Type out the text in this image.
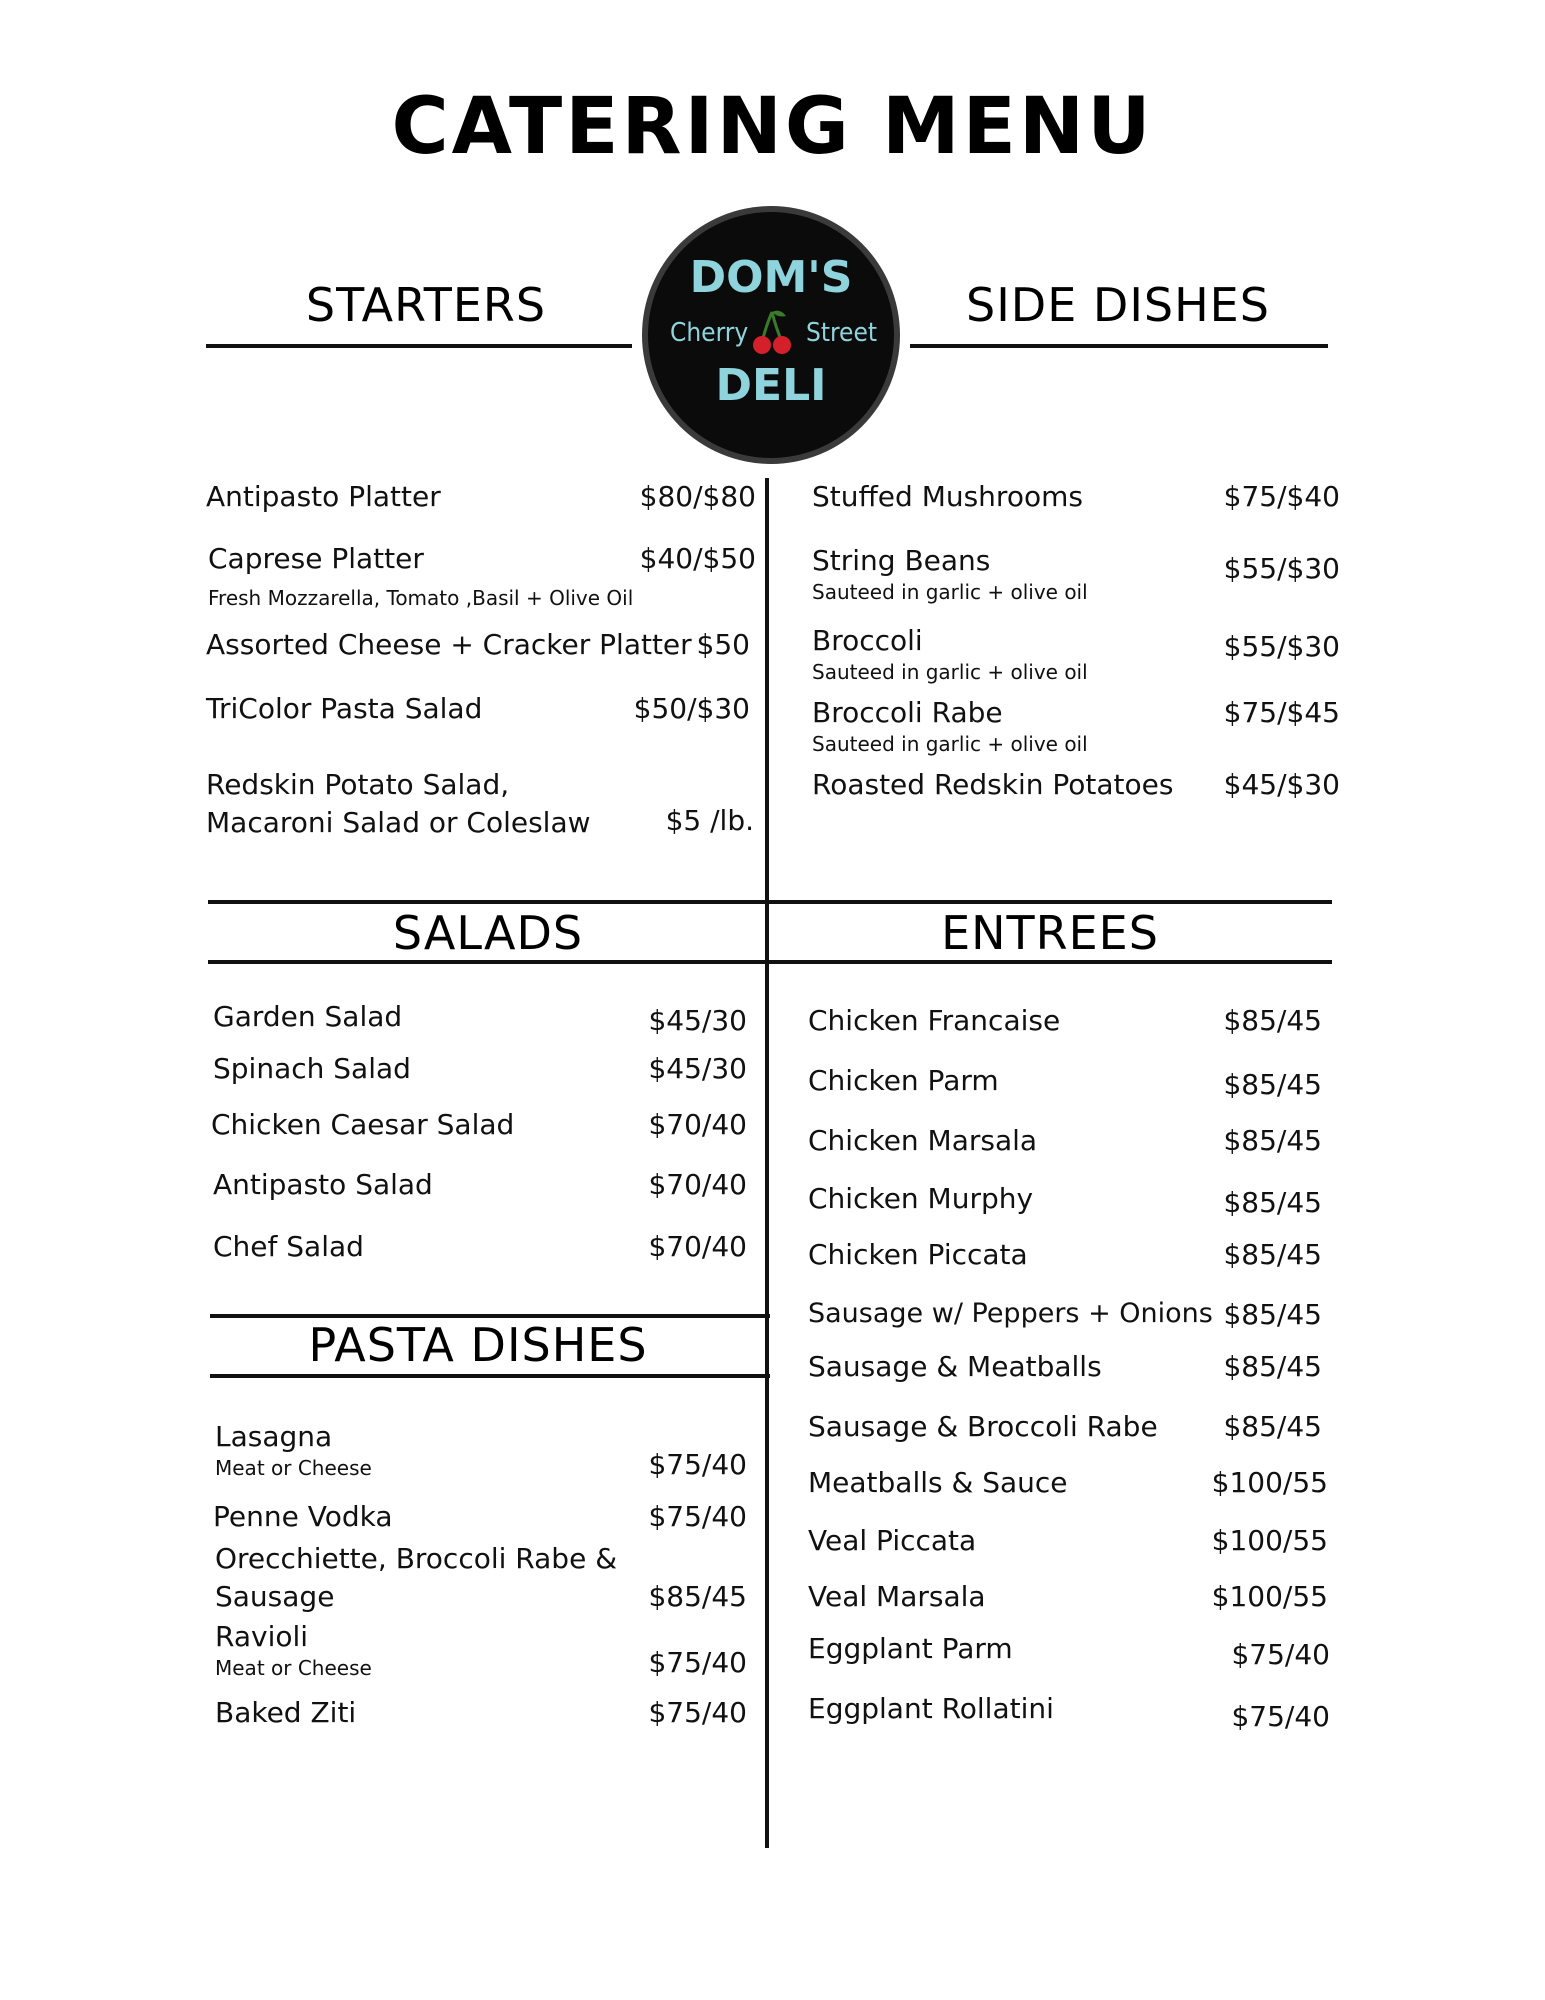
CATERING MENU
STARTERS	SIDE DISHES
DOM'S
Cherry Street
DELI
Antipasto Platter	$80/$80
Caprese Platter
Fresh Mozzarella, Tomato ,Basil + Olive Oil
$40/$50
Assorted Cheese + Cracker Platter $50
TriColor Pasta Salad	$50/$30
Redskin Potato Salad,
Macaroni Salad or Coleslaw	$5 /lb.
Stuffed Mushrooms	$75/$40
String Beans
Sauteed in garlic + olive oil
$55/$30
Broccoli
Sauteed in garlic + olive oil
$55/$30
Broccoli Rabe
Sauteed in garlic + olive oil
$75/$45
Roasted Redskin Potatoes $45/$30
SALADS	ENTREES
Garden Salad	$45/30
Spinach Salad	$45/30
Chicken Caesar Salad	$70/40
Antipasto Salad	$70/40
Chef Salad	$70/40
PASTA DISHES
Lasagna
Meat or Cheese	$75/40
Penne Vodka	$75/40
Orecchiette, Broccoli Rabe &
Sausage	$85/45
Ravioli
Meat or Cheese	$75/40
Baked Ziti	$75/40
Chicken Francaise	$85/45
Chicken Parm	$85/45
Chicken Marsala	$85/45
Chicken Murphy	$85/45
Chicken Piccata	$85/45
Sausage w/ Peppers + Onions $85/45
Sausage & Meatballs	$85/45
Sausage & Broccoli Rabe $85/45
Meatballs & Sauce	$100/55
Veal Piccata	$100/55
Veal Marsala	$100/55
Eggplant Parm	$75/40
Eggplant Rollatini	$75/40
